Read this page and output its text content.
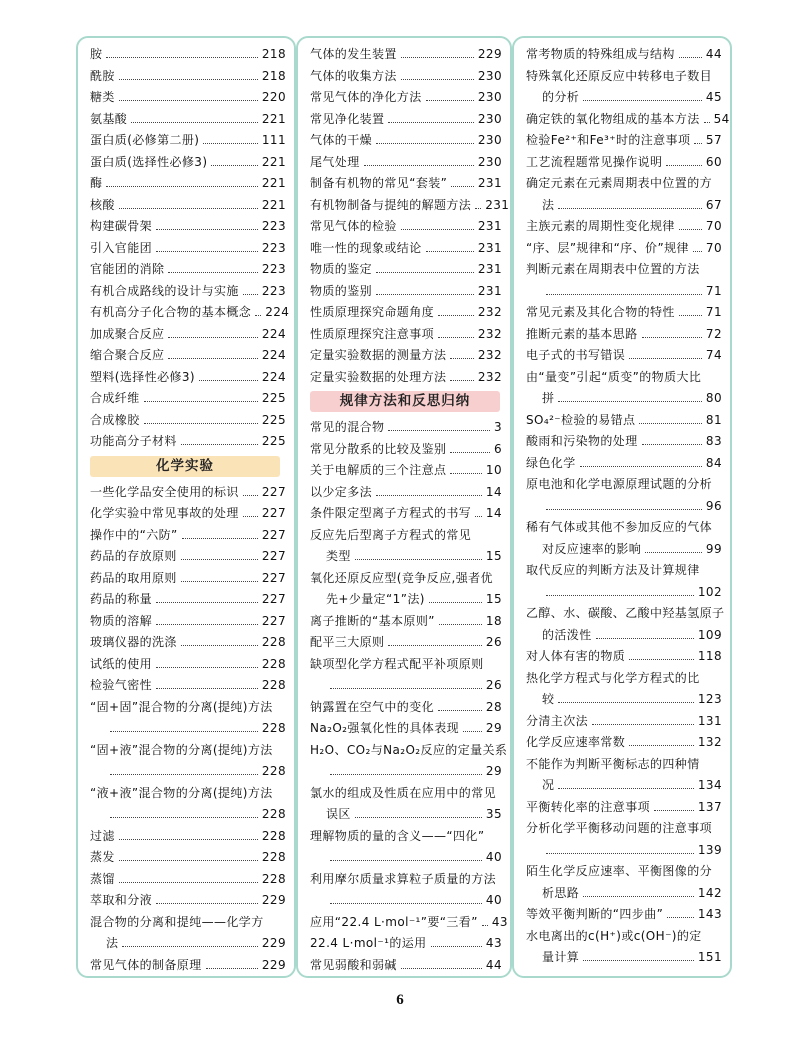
胺	218
酰胺	218
糖类	220
氨基酸	221
蛋白质(必修第二册)	111
蛋白质(选择性必修3)	221
酶	221
核酸	221
构建碳骨架	223
引入官能团	223
官能团的消除	223
有机合成路线的设计与实施 223
有机高分子化合物的基本概念 224
加成聚合反应	224
缩合聚合反应	224
塑料(选择性必修3)	224
合成纤维	225
合成橡胶	225
功能高分子材料	225
化学实验
一些化学品安全使用的标识 227
化学实验中常见事故的处理 227
操作中的“六防”	227
药品的存放原则	227
药品的取用原则	227
药品的称量	227
物质的溶解	227
玻璃仪器的洗涤	228
试纸的使用	228
检验气密性	228
“固+固”混合物的分离(提纯)方法
228
“固+液”混合物的分离(提纯)方法
228
“液+液”混合物的分离(提纯)方法
228
过滤	228
蒸发	228
蒸馏	228
萃取和分液	229
混合物的分离和提纯——化学方
法	229
常见气体的制备原理	229
气体的发生装置	229
气体的收集方法	230
常见气体的净化方法	230
常见净化装置	230
气体的干燥	230
尾气处理	230
制备有机物的常见“套装”	231
有机物制备与提纯的解题方法 231
常见气体的检验	231
唯一性的现象或结论	231
物质的鉴定	231
物质的鉴别	231
性质原理探究命题角度	232
性质原理探究注意事项	232
定量实验数据的测量方法	232
定量实验数据的处理方法	232
规律方法和反思归纳
常见的混合物	3
常见分散系的比较及鉴别	6
关于电解质的三个注意点	10
以少定多法	14
条件限定型离子方程式的书写 14
反应先后型离子方程式的常见
类型	15
氧化还原反应型(竞争反应,强者优
先+少量定“1”法)	15
离子推断的“基本原则”	18
配平三大原则	26
缺项型化学方程式配平补项原则
26
钠露置在空气中的变化	28
Na₂O₂强氧化性的具体表现 29
H₂O、CO₂与Na₂O₂反应的定量关系
29
氯水的组成及性质在应用中的常见
误区	35
理解物质的量的含义——“四化”
40
利用摩尔质量求算粒子质量的方法
40
应用“22.4 L·mol⁻¹”要“三看” 43
22.4 L·mol⁻¹的运用	43
常见弱酸和弱碱	44
常考物质的特殊组成与结构	44
特殊氧化还原反应中转移电子数目
的分析	45
确定铁的氧化物组成的基本方法 54
检验Fe²⁺和Fe³⁺时的注意事项 57
工艺流程题常见操作说明	60
确定元素在元素周期表中位置的方
法	67
主族元素的周期性变化规律	70
“序、层”规律和“序、价”规律 70
判断元素在周期表中位置的方法
71
常见元素及其化合物的特性	71
推断元素的基本思路	72
电子式的书写错误	74
由“量变”引起“质变”的物质大比
拼	80
SO₄²⁻检验的易错点	81
酸雨和污染物的处理	83
绿色化学	84
原电池和化学电源原理试题的分析
96
稀有气体或其他不参加反应的气体
对反应速率的影响	99
取代反应的判断方法及计算规律
102
乙醇、水、碳酸、乙酸中羟基氢原子
的活泼性	109
对人体有害的物质	118
热化学方程式与化学方程式的比
较	123
分清主次法	131
化学反应速率常数	132
不能作为判断平衡标志的四种情
况	134
平衡转化率的注意事项	137
分析化学平衡移动问题的注意事项
139
陌生化学反应速率、平衡图像的分
析思路	142
等效平衡判断的“四步曲”	143
水电离出的c(H⁺)或c(OH⁻)的定
量计算	151
6
